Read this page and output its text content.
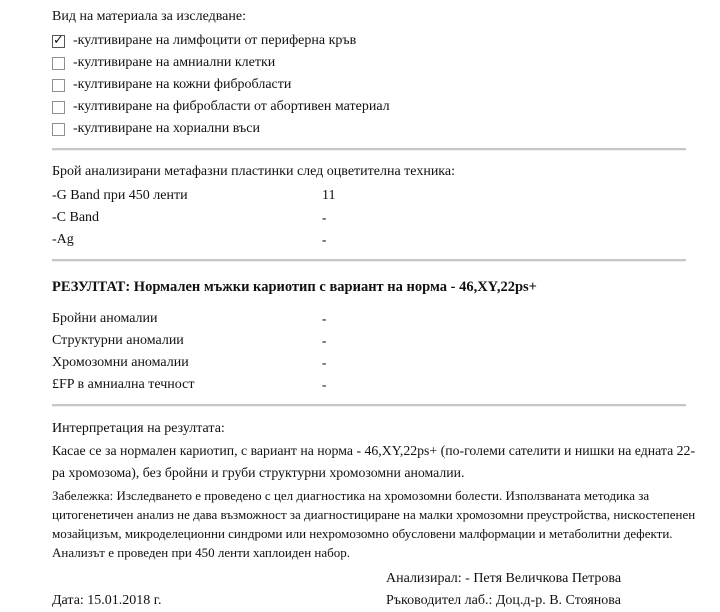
Вид на материала за изследване:
✓
-култивиране на лимфоцити от периферна кръв
-култивиране на амниални клетки
-култивиране на кожни фибробласти
-култивиране на фибробласти от абортивен материал
-култивиране на хориални въси
Брой анализирани метафазни пластинки след оцветителна техника:
-G Band при 450 ленти	11
-C Band	-
-Ag	-
РЕЗУЛТАТ: Нормален мъжки кариотип с вариант на норма - 46,XY,22ps+
Бройни аномалии	-
Структурни аномалии	-
Хромозомни аномалии	-
£FP в амниална течност	-
Интерпретация на резултата:
Касае се за нормален кариотип, с вариант на норма - 46,XY,22ps+ (по-големи сателити и нишки на едната 22-ра хромозома), без бройни и груби структурни хромозомни аномалии.
Забележка: Изследването е проведено с цел диагностика на хромозомни болести. Използваната методика за цитогенетичен анализ не дава възможност за диагностициране на малки хромозомни преустройства, нискостепенен мозайцизъм, микроделеционни синдроми или нехромозомно обусловени малформации и метаболитни дефекти. Анализът е проведен при 450 ленти хаплоиден набор.
Анализирал: - Петя Величкова Петрова
Дата: 15.01.2018 г.	Ръководител лаб.: Доц.д-р. В. Стоянова
